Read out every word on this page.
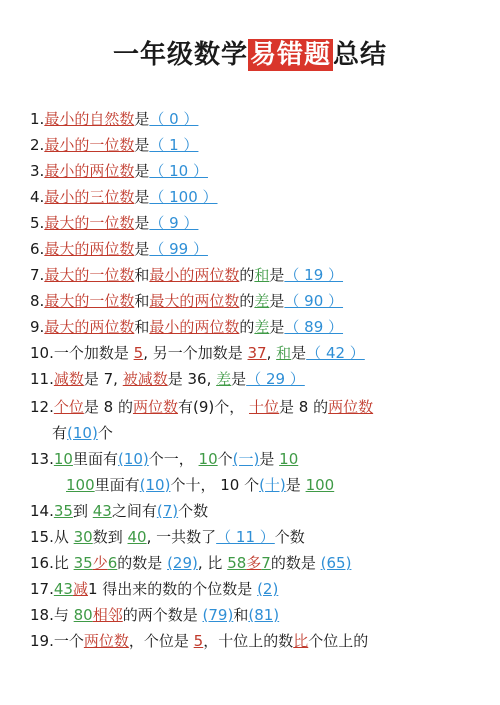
一年级数学易错题总结
1.最小的自然数是（ 0 ）
2.最小的一位数是（ 1 ）
3.最小的两位数是（ 10 ）
4.最小的三位数是（ 100 ）
5.最大的一位数是（ 9 ）
6.最大的两位数是（ 99 ）
7.最大的一位数和最小的两位数的和是（ 19 ）
8.最大的一位数和最大的两位数的差是（ 90 ）
9.最大的两位数和最小的两位数的差是（ 89 ）
10.一个加数是 5, 另一个加数是 37, 和是（ 42 ）
11.减数是 7, 被减数是 36, 差是（ 29 ）
12.个位是 8 的两位数有(9)个， 十位是 8 的两位数
有(10)个
13.10里面有(10)个一， 10个(一)是 10
100里面有(10)个十， 10 个(十)是 100
14.35到 43之间有(7)个数
15.从 30数到 40, 一共数了（ 11 ）个数
16.比 35少6的数是 (29), 比 58多7的数是 (65)
17.43减1 得出来的数的个位数是 (2)
18.与 80相邻的两个数是 (79)和(81)
19.一个两位数，个位是 5，十位上的数比个位上的
